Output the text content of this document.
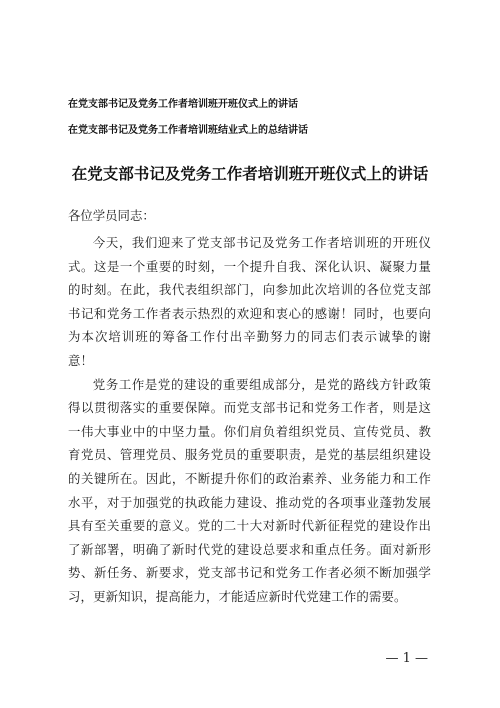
在党支部书记及党务工作者培训班开班仪式上的讲话
在党支部书记及党务工作者培训班结业式上的总结讲话
在党支部书记及党务工作者培训班开班仪式上的讲话
各位学员同志：

今天，我们迎来了党支部书记及党务工作者培训班的开班仪式。这是一个重要的时刻，一个提升自我、深化认识、凝聚力量的时刻。在此，我代表组织部门，向参加此次培训的各位党支部书记和党务工作者表示热烈的欢迎和衷心的感谢！同时，也要向为本次培训班的筹备工作付出辛勤努力的同志们表示诚挚的谢意！

党务工作是党的建设的重要组成部分，是党的路线方针政策得以贯彻落实的重要保障。而党支部书记和党务工作者，则是这一伟大事业中的中坚力量。你们肩负着组织党员、宣传党员、教育党员、管理党员、服务党员的重要职责，是党的基层组织建设的关键所在。因此，不断提升你们的政治素养、业务能力和工作水平，对于加强党的执政能力建设、推动党的各项事业蓬勃发展具有至关重要的意义。党的二十大对新时代新征程党的建设作出了新部署，明确了新时代党的建设总要求和重点任务。面对新形势、新任务、新要求，党支部书记和党务工作者必须不断加强学习，更新知识，提高能力，才能适应新时代党建工作的需要。

— 1 —
